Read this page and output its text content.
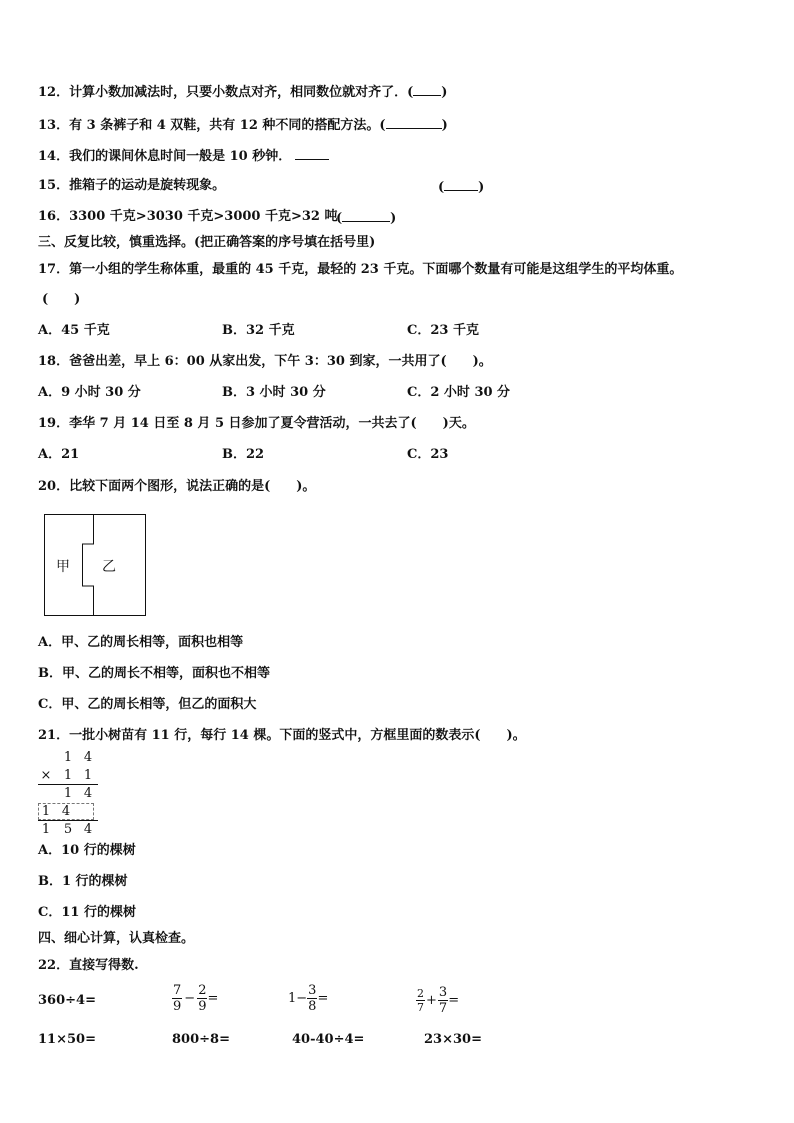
12．计算小数加减法时，只要小数点对齐，相同数位就对齐了．( )
13．有 3 条裤子和 4 双鞋，共有 12 种不同的搭配方法。(	)
14．我们的课间休息时间一般是 10 秒钟．
15．推箱子的运动是旋转现象。	(	)
16．3300 千克>3030 千克>3000 千克>32 吨
(	)
三、反复比较，慎重选择。(把正确答案的序号填在括号里)
17．第一小组的学生称体重，最重的 45 千克，最轻的 23 千克。下面哪个数量有可能是这组学生的平均体重。
(　　)
A．45 千克	B．32 千克	C．23 千克
18．爸爸出差，早上 6：00 从家出发，下午 3：30 到家，一共用了(　　)。
A．9 小时 30 分	B．3 小时 30 分	C．2 小时 30 分
19．李华 7 月 14 日至 8 月 5 日参加了夏令营活动，一共去了(　　)天。
A．21	B．22	C．23
20．比较下面两个图形，说法正确的是(　　)。
甲 乙
A．甲、乙的周长相等，面积也相等
B．甲、乙的周长不相等，面积也不相等
C．甲、乙的周长相等，但乙的面积大
21．一批小树苗有 11 行，每行 14 棵。下面的竖式中，方框里面的数表示(　　)。
1 4
× 1 1
1 4
1 4
1 5 4
A．10 行的棵树
B．1 行的棵树
C．11 行的棵树
四、细心计算，认真检查。
22．直接写得数.
360÷4=	$\frac{7}{9} - \frac{2}{9}$ =	$1- \frac{3}{8}$ =	$\frac{2}{7} + \frac{3}{7}$ =
11×50=	800÷8=	40-40÷4=	23×30=
